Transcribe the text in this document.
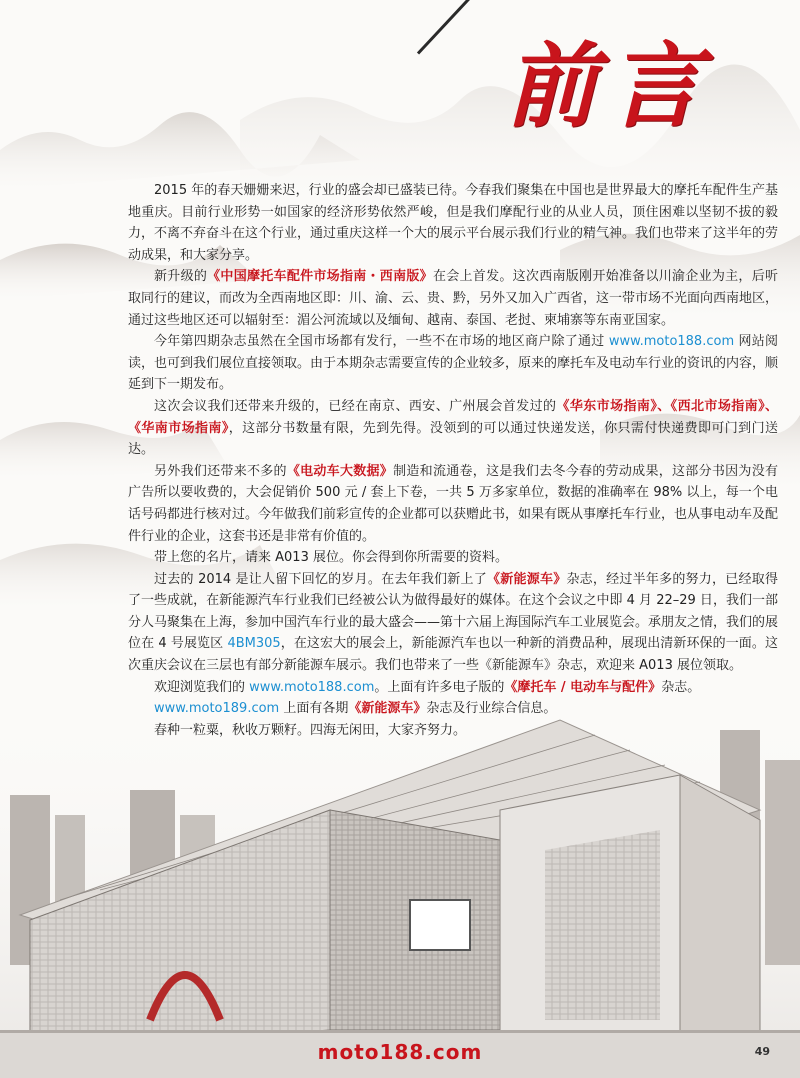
前言

2015 年的春天姗姗来迟，行业的盛会却已盛装已待。今春我们聚集在中国也是世界最大的摩托车配件生产基地重庆。目前行业形势一如国家的经济形势依然严峻，但是我们摩配行业的从业人员，顶住困难以坚韧不拔的毅力，不离不弃奋斗在这个行业，通过重庆这样一个大的展示平台展示我们行业的精气神。我们也带来了这半年的劳动成果，和大家分享。

新升级的《中国摩托车配件市场指南・西南版》在会上首发。这次西南版刚开始准备以川渝企业为主，后听取同行的建议，而改为全西南地区即：川、渝、云、贵、黔，另外又加入广西省，这一带市场不光面向西南地区，通过这些地区还可以辐射至：湄公河流域以及缅甸、越南、泰国、老挝、柬埔寨等东南亚国家。

今年第四期杂志虽然在全国市场都有发行，一些不在市场的地区商户除了通过 www.moto188.com 网站阅读，也可到我们展位直接领取。由于本期杂志需要宣传的企业较多，原来的摩托车及电动车行业的资讯的内容，顺延到下一期发布。

这次会议我们还带来升级的，已经在南京、西安、广州展会首发过的《华东市场指南》、《西北市场指南》、《华南市场指南》，这部分书数量有限，先到先得。没领到的可以通过快递发送，你只需付快递费即可门到门送达。

另外我们还带来不多的《电动车大数据》制造和流通卷，这是我们去冬今春的劳动成果，这部分书因为没有广告所以要收费的，大会促销价 500 元 / 套上下卷，一共 5 万多家单位，数据的准确率在 98% 以上，每一个电话号码都进行核对过。今年做我们前彩宣传的企业都可以获赠此书，如果有既从事摩托车行业，也从事电动车及配件行业的企业，这套书还是非常有价值的。

带上您的名片，请来 A013 展位。你会得到你所需要的资料。

过去的 2014 是让人留下回忆的岁月。在去年我们新上了《新能源车》杂志，经过半年多的努力，已经取得了一些成就，在新能源汽车行业我们已经被公认为做得最好的媒体。在这个会议之中即 4 月 22–29 日，我们一部分人马聚集在上海，参加中国汽车行业的最大盛会——第十六届上海国际汽车工业展览会。承朋友之情，我们的展位在 4 号展览区 4BM305，在这宏大的展会上，新能源汽车也以一种新的消费品种，展现出清新环保的一面。这次重庆会议在三层也有部分新能源车展示。我们也带来了一些《新能源车》杂志，欢迎来 A013 展位领取。

欢迎浏览我们的 www.moto188.com。上面有许多电子版的《摩托车 / 电动车与配件》杂志。

www.moto189.com 上面有各期《新能源车》杂志及行业综合信息。

春种一粒粟，秋收万颗籽。四海无闲田，大家齐努力。

moto188.com	49
